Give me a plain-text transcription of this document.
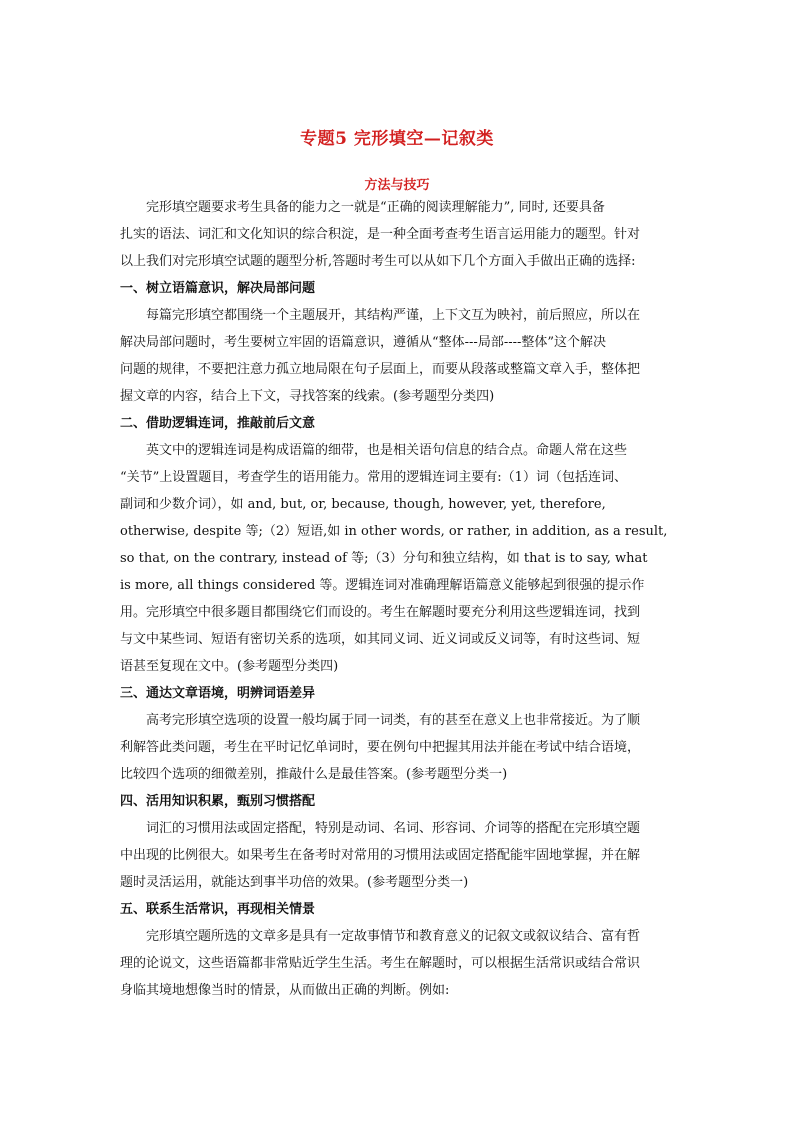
专题5 完形填空—记叙类
方法与技巧
完形填空题要求考生具备的能力之一就是“正确的阅读理解能力”, 同时, 还要具备
扎实的语法、词汇和文化知识的综合积淀，是一种全面考查考生语言运用能力的题型。针对
以上我们对完形填空试题的题型分析,答题时考生可以从如下几个方面入手做出正确的选择:
一、树立语篇意识，解决局部问题
每篇完形填空都围绕一个主题展开，其结构严谨，上下文互为映衬，前后照应，所以在
解决局部问题时，考生要树立牢固的语篇意识，遵循从“整体---局部----整体”这个解决
问题的规律，不要把注意力孤立地局限在句子层面上，而要从段落或整篇文章入手，整体把
握文章的内容，结合上下文，寻找答案的线索。(参考题型分类四)
二、借助逻辑连词，推敲前后文意
英文中的逻辑连词是构成语篇的细带，也是相关语句信息的结合点。命题人常在这些
“关节”上设置题目，考查学生的语用能力。常用的逻辑连词主要有:（1）词（包括连词、
副词和少数介词），如 and, but, or, because, though, however, yet, therefore,
otherwise, despite 等;（2）短语,如 in other words, or rather, in addition, as a result,
so that, on the contrary, instead of 等;（3）分句和独立结构，如 that is to say, what
is more, all things considered 等。逻辑连词对准确理解语篇意义能够起到很强的提示作
用。完形填空中很多题目都围绕它们而设的。考生在解题时要充分利用这些逻辑连词，找到
与文中某些词、短语有密切关系的选项，如其同义词、近义词或反义词等，有时这些词、短
语甚至复现在文中。(参考题型分类四)
三、通达文章语境，明辨词语差异
高考完形填空选项的设置一般均属于同一词类，有的甚至在意义上也非常接近。为了顺
利解答此类问题，考生在平时记忆单词时，要在例句中把握其用法并能在考试中结合语境，
比较四个选项的细微差别，推敲什么是最佳答案。(参考题型分类一)
四、活用知识积累，甄别习惯搭配
词汇的习惯用法或固定搭配，特别是动词、名词、形容词、介词等的搭配在完形填空题
中出现的比例很大。如果考生在备考时对常用的习惯用法或固定搭配能牢固地掌握，并在解
题时灵活运用，就能达到事半功倍的效果。(参考题型分类一)
五、联系生活常识，再现相关情景
完形填空题所选的文章多是具有一定故事情节和教育意义的记叙文或叙议结合、富有哲
理的论说文，这些语篇都非常贴近学生生活。考生在解题时，可以根据生活常识或结合常识
身临其境地想像当时的情景，从而做出正确的判断。例如:
